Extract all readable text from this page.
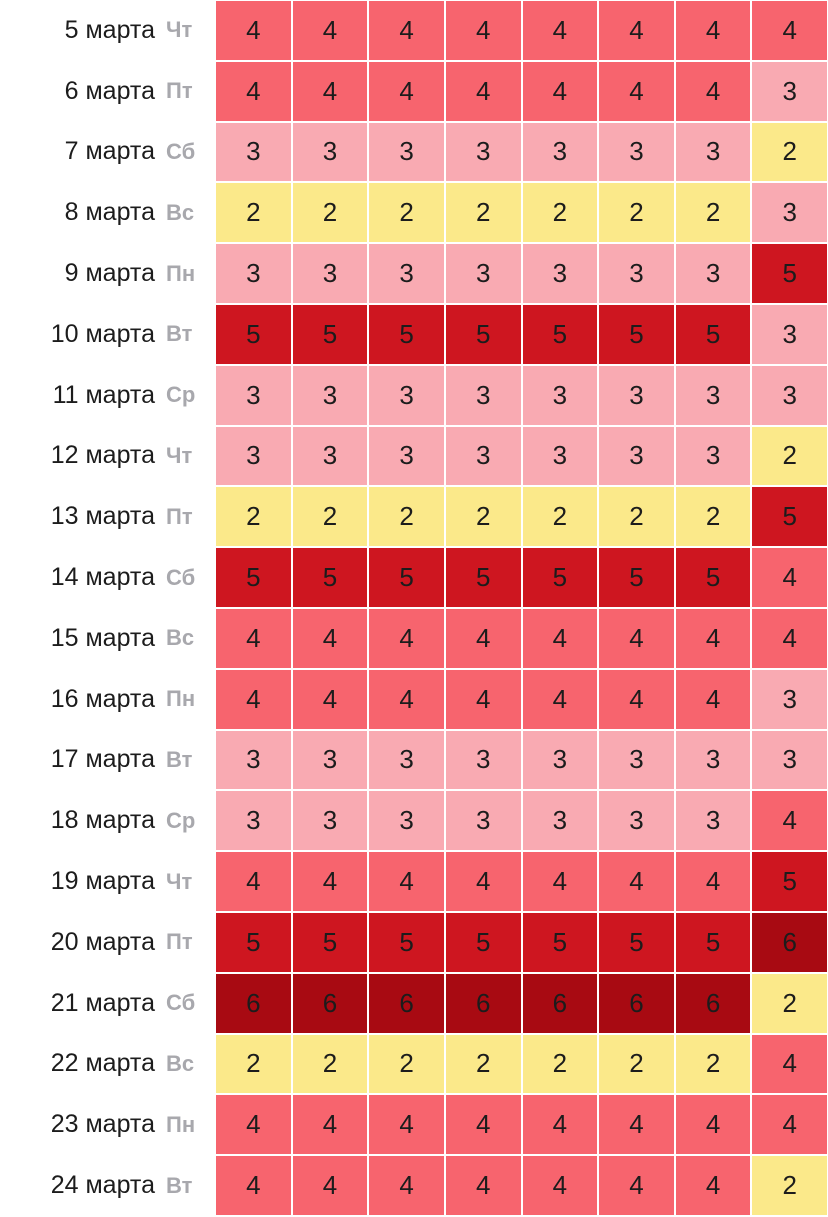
5 марта Чт	4	4	4	4	4	4	4	4
6 марта Пт	4	4	4	4	4	4	4	3
7 марта Сб	3	3	3	3	3	3	3	2
8 марта Вс	2	2	2	2	2	2	2	3
9 марта Пн	3	3	3	3	3	3	3	5
10 марта Вт	5	5	5	5	5	5	5	3
11 марта Ср	3	3	3	3	3	3	3	3
12 марта Чт	3	3	3	3	3	3	3	2
13 марта Пт	2	2	2	2	2	2	2	5
14 марта Сб	5	5	5	5	5	5	5	4
15 марта Вс	4	4	4	4	4	4	4	4
16 марта Пн	4	4	4	4	4	4	4	3
17 марта Вт	3	3	3	3	3	3	3	3
18 марта Ср	3	3	3	3	3	3	3	4
19 марта Чт	4	4	4	4	4	4	4	5
20 марта Пт	5	5	5	5	5	5	5	6
21 марта Сб	6	6	6	6	6	6	6	2
22 марта Вс	2	2	2	2	2	2	2	4
23 марта Пн	4	4	4	4	4	4	4	4
24 марта Вт	4	4	4	4	4	4	4	2
